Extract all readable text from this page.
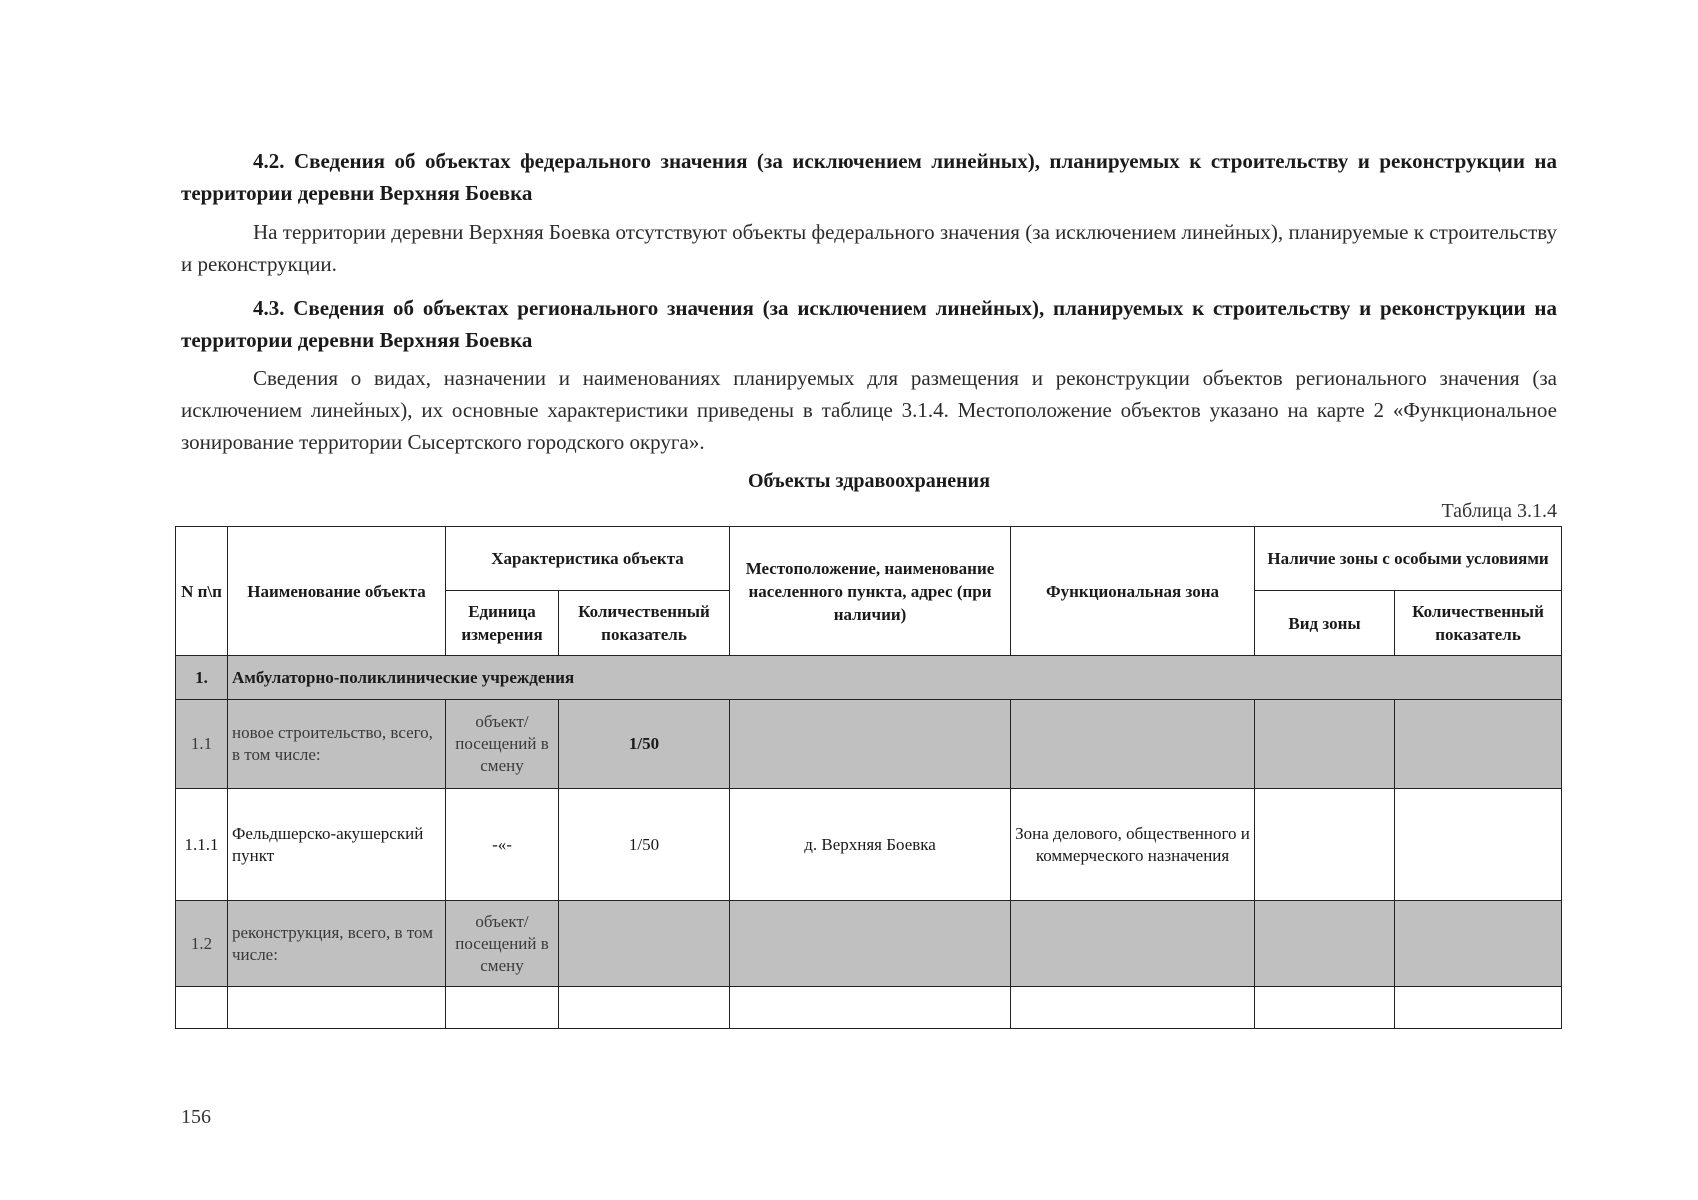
4.2. Сведения об объектах федерального значения (за исключением линейных), планируемых к строительству и реконструкции на территории деревни Верхняя Боевка
На территории деревни Верхняя Боевка отсутствуют объекты федерального значения (за исключением линейных), планируемые к строительству и реконструкции.
4.3. Сведения об объектах регионального значения (за исключением линейных), планируемых к строительству и реконструкции на территории деревни Верхняя Боевка
Сведения о видах, назначении и наименованиях планируемых для размещения и реконструкции объектов регионального значения (за исключением линейных), их основные характеристики приведены в таблице 3.1.4. Местоположение объектов указано на карте 2 «Функциональное зонирование территории Сысертского городского округа».
Объекты здравоохранения
Таблица 3.1.4
N п\п	Наименование объекта	Характеристика объекта		Местоположение, наименование населенного пункта, адрес (при наличии)	Функциональная зона	Наличие зоны с особыми условиями	
		Единица измерения	Количественный показатель			Вид зоны	Количественный показатель
1.	Амбулаторно-поликлинические учреждения						
1.1	новое строительство, всего, в том числе:	объект/ посещений в смену	1/50				
1.1.1	Фельдшерско-акушерский пункт	-«-	1/50	д. Верхняя Боевка	Зона делового, общественного и коммерческого назначения		
1.2	реконструкция, всего, в том числе:	объект/ посещений в смену					

156
